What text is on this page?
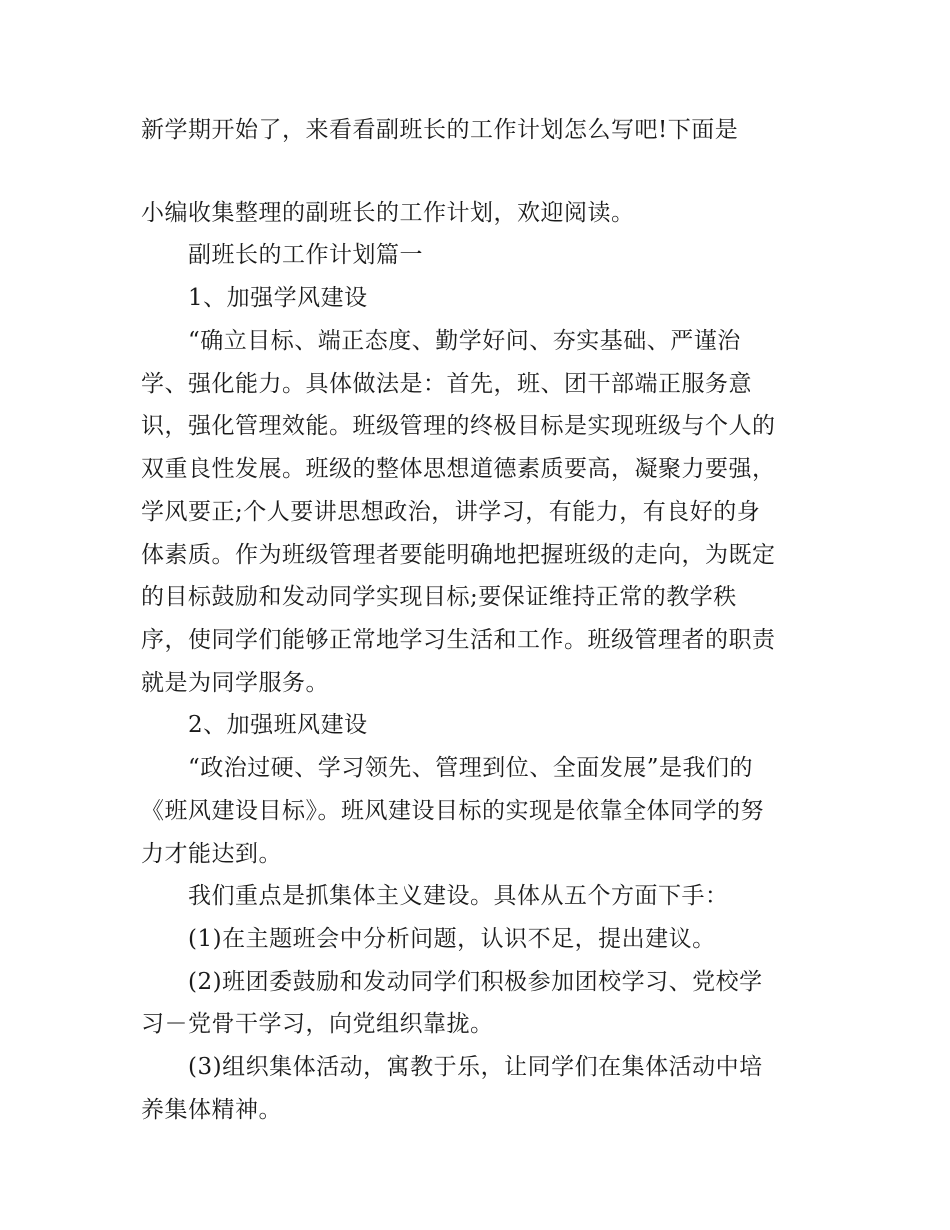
新学期开始了，来看看副班长的工作计划怎么写吧!下面是
小编收集整理的副班长的工作计划，欢迎阅读。
副班长的工作计划篇一
1、加强学风建设
“确立目标、端正态度、勤学好问、夯实基础、严谨治
学、强化能力。具体做法是：首先，班、团干部端正服务意
识，强化管理效能。班级管理的终极目标是实现班级与个人的
双重良性发展。班级的整体思想道德素质要高，凝聚力要强，
学风要正;个人要讲思想政治，讲学习，有能力，有良好的身
体素质。作为班级管理者要能明确地把握班级的走向，为既定
的目标鼓励和发动同学实现目标;要保证维持正常的教学秩
序，使同学们能够正常地学习生活和工作。班级管理者的职责
就是为同学服务。
2、加强班风建设
“政治过硬、学习领先、管理到位、全面发展”是我们的
《班风建设目标》。班风建设目标的实现是依靠全体同学的努
力才能达到。
我们重点是抓集体主义建设。具体从五个方面下手：
(1)在主题班会中分析问题，认识不足，提出建议。
(2)班团委鼓励和发动同学们积极参加团校学习、党校学
习－党骨干学习，向党组织靠拢。
(3)组织集体活动，寓教于乐，让同学们在集体活动中培
养集体精神。
